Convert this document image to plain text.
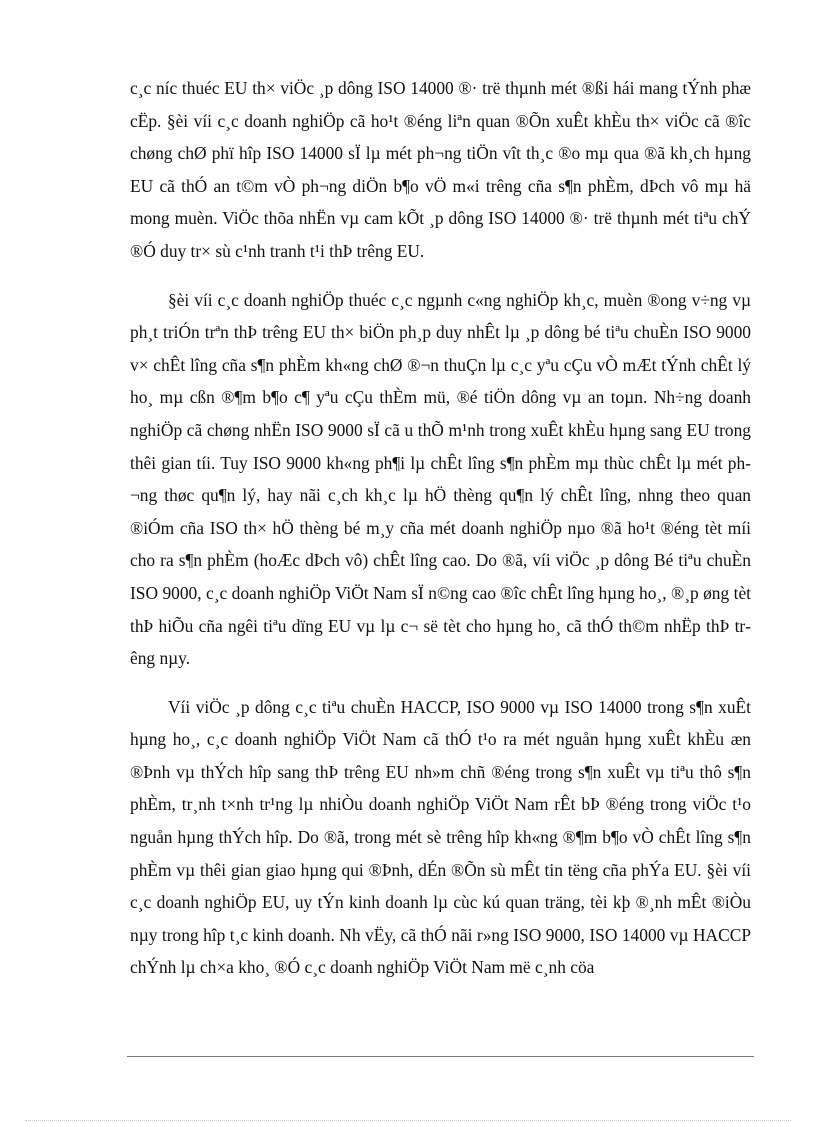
c¸c níc thuéc EU th× viÖc ¸p dông ISO 14000 ®· trë thµnh mét ®ßi hái mang tÝnh phæ cËp. §èi víi c¸c doanh nghiÖp cã ho¹t ®éng liªn quan ®Õn xuÊt khÈu th× viÖc cã ®îc chøng chØ phï hîp ISO 14000 sÏ lµ mét ph¬ng tiÖn vît th¸c ®o mµ qua ®ã kh¸ch hµng EU cã thÓ an t©m vÒ ph¬ng diÖn b¶o vÖ m«i trêng cña s¶n phÈm, dÞch vô mµ hä mong muèn. ViÖc thõa nhËn vµ cam kÕt ¸p dông ISO 14000 ®· trë thµnh mét tiªu chÝ ®Ó duy tr× sù c¹nh tranh t¹i thÞ trêng EU.

§èi víi c¸c doanh nghiÖp thuéc c¸c ngµnh c«ng nghiÖp kh¸c, muèn ®ong v÷ng vµ ph¸t triÓn trªn thÞ trêng EU th× biÖn ph¸p duy nhÊt lµ ¸p dông bé tiªu chuÈn ISO 9000 v× chÊt lîng cña s¶n phÈm kh«ng chØ ®¬n thuÇn lµ c¸c yªu cÇu vÒ mÆt tÝnh chÊt lý ho¸ mµ cßn ®¶m b¶o c¶ yªu cÇu thÈm mü, ®é tiÖn dông vµ an toµn. Nh÷ng doanh nghiÖp cã chøng nhËn ISO 9000 sÏ cã u thÕ m¹nh trong xuÊt khÈu hµng sang EU trong thêi gian tíi. Tuy ISO 9000 kh«ng ph¶i lµ chÊt lîng s¶n phÈm mµ thùc chÊt lµ mét ph¬ng thøc qu¶n lý, hay nãi c¸ch kh¸c lµ hÖ thèng qu¶n lý chÊt lîng, nhng theo quan ®iÓm cña ISO th× hÖ thèng bé m¸y cña mét doanh nghiÖp nµo ®ã ho¹t ®éng tèt míi cho ra s¶n phÈm (hoÆc dÞch vô) chÊt lîng cao. Do ®ã, víi viÖc ¸p dông Bé tiªu chuÈn ISO 9000, c¸c doanh nghiÖp ViÖt Nam sÏ n©ng cao ®îc chÊt lîng hµng ho¸, ®¸p øng tèt thÞ hiÕu cña ngêi tiªu dïng EU vµ lµ c¬ së tèt cho hµng ho¸ cã thÓ th©m nhËp thÞ trêng nµy.

Víi viÖc ¸p dông c¸c tiªu chuÈn HACCP, ISO 9000 vµ ISO 14000 trong s¶n xuÊt hµng ho¸, c¸c doanh nghiÖp ViÖt Nam cã thÓ t¹o ra mét nguån hµng xuÊt khÈu æn ®Þnh vµ thÝch hîp sang thÞ trêng EU nh»m chñ ®éng trong s¶n xuÊt vµ tiªu thô s¶n phÈm, tr¸nh t×nh tr¹ng lµ nhiÒu doanh nghiÖp ViÖt Nam rÊt bÞ ®éng trong viÖc t¹o nguån hµng thÝch hîp. Do ®ã, trong mét sè trêng hîp kh«ng ®¶m b¶o vÒ chÊt lîng s¶n phÈm vµ thêi gian giao hµng qui ®Þnh, dÉn ®Õn sù mÊt tin tëng cña phÝa EU. §èi víi c¸c doanh nghiÖp EU, uy tÝn kinh doanh lµ cùc kú quan träng, tèi kþ ®¸nh mÊt ®iÒu nµy trong hîp t¸c kinh doanh. Nh vËy, cã thÓ nãi r»ng ISO 9000, ISO 14000 vµ HACCP chÝnh lµ ch×a kho¸ ®Ó c¸c doanh nghiÖp ViÖt Nam më c¸nh cöa
